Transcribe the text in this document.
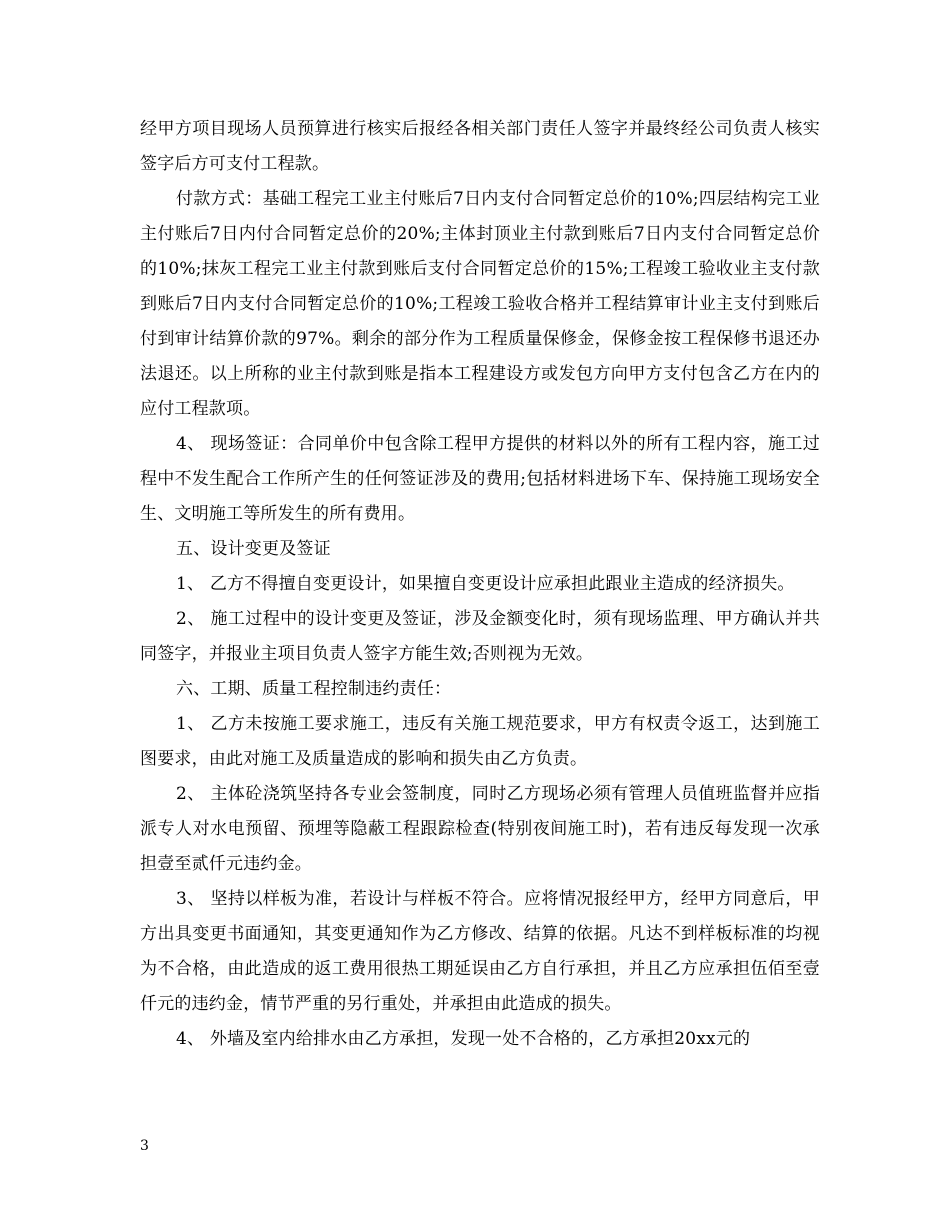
经甲方项目现场人员预算进行核实后报经各相关部门责任人签字并最终经公司负责人核实签字后方可支付工程款。

付款方式：基础工程完工业主付账后7日内支付合同暂定总价的10%;四层结构完工业主付账后7日内付合同暂定总价的20%;主体封顶业主付款到账后7日内支付合同暂定总价的10%;抹灰工程完工业主付款到账后支付合同暂定总价的15%;工程竣工验收业主支付款到账后7日内支付合同暂定总价的10%;工程竣工验收合格并工程结算审计业主支付到账后付到审计结算价款的97%。剩余的部分作为工程质量保修金，保修金按工程保修书退还办法退还。以上所称的业主付款到账是指本工程建设方或发包方向甲方支付包含乙方在内的应付工程款项。

4、 现场签证：合同单价中包含除工程甲方提供的材料以外的所有工程内容，施工过程中不发生配合工作所产生的任何签证涉及的费用;包括材料进场下车、保持施工现场安全生、文明施工等所发生的所有费用。

五、设计变更及签证

1、 乙方不得擅自变更设计，如果擅自变更设计应承担此跟业主造成的经济损失。

2、 施工过程中的设计变更及签证，涉及金额变化时，须有现场监理、甲方确认并共同签字，并报业主项目负责人签字方能生效;否则视为无效。

六、工期、质量工程控制违约责任：

1、 乙方未按施工要求施工，违反有关施工规范要求，甲方有权责令返工，达到施工图要求，由此对施工及质量造成的影响和损失由乙方负责。

2、 主体砼浇筑坚持各专业会签制度，同时乙方现场必须有管理人员值班监督并应指派专人对水电预留、预埋等隐蔽工程跟踪检查(特别夜间施工时)，若有违反每发现一次承担壹至贰仟元违约金。

3、 坚持以样板为准，若设计与样板不符合。应将情况报经甲方，经甲方同意后，甲方出具变更书面通知，其变更通知作为乙方修改、结算的依据。凡达不到样板标准的均视为不合格，由此造成的返工费用很热工期延误由乙方自行承担，并且乙方应承担伍佰至壹仟元的违约金，情节严重的另行重处，并承担由此造成的损失。

4、 外墙及室内给排水由乙方承担，发现一处不合格的，乙方承担20xx元的

3
